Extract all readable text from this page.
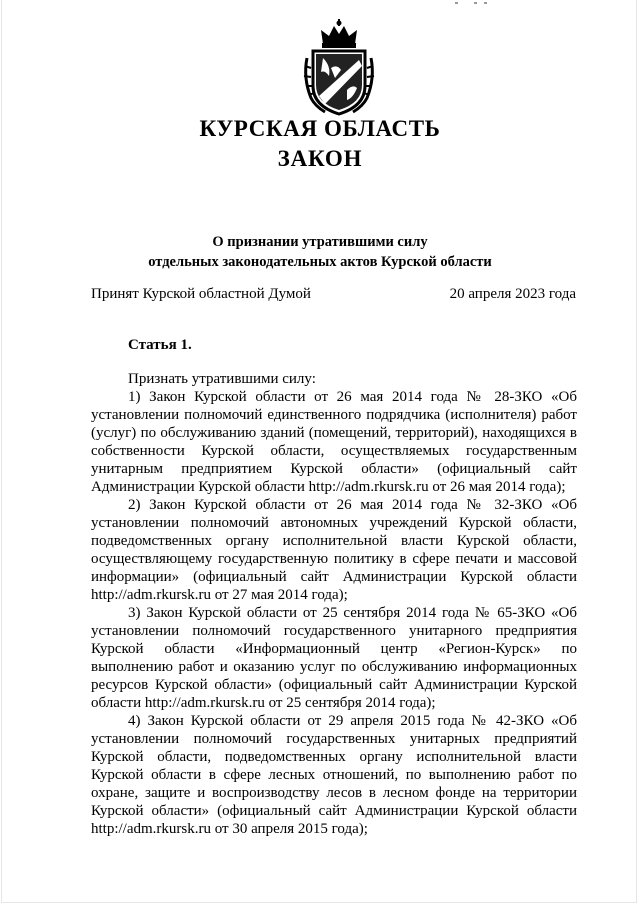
КУРСКАЯ ОБЛАСТЬ
ЗАКОН
О признании утратившими силу
отдельных законодательных актов Курской области
Принят Курской областной Думой	20 апреля 2023 года
Статья 1.

Признать утратившими силу:

1) Закон Курской области от 26 мая 2014 года № 28-ЗКО «Об установлении полномочий единственного подрядчика (исполнителя) работ (услуг) по обслуживанию зданий (помещений, территорий), находящихся в собственности Курской области, осуществляемых государственным унитарным предприятием Курской области» (официальный сайт Администрации Курской области http://adm.rkursk.ru от 26 мая 2014 года);

2) Закон Курской области от 26 мая 2014 года № 32-ЗКО «Об установлении полномочий автономных учреждений Курской области, подведомственных органу исполнительной власти Курской области, осуществляющему государственную политику в сфере печати и массовой информации» (официальный сайт Администрации Курской области http://adm.rkursk.ru от 27 мая 2014 года);

3) Закон Курской области от 25 сентября 2014 года № 65-ЗКО «Об установлении полномочий государственного унитарного предприятия Курской области «Информационный центр «Регион-Курск» по выполнению работ и оказанию услуг по обслуживанию информационных ресурсов Курской области» (официальный сайт Администрации Курской области http://adm.rkursk.ru от 25 сентября 2014 года);

4) Закон Курской области от 29 апреля 2015 года № 42-ЗКО «Об установлении полномочий государственных унитарных предприятий Курской области, подведомственных органу исполнительной власти Курской области в сфере лесных отношений, по выполнению работ по охране, защите и воспроизводству лесов в лесном фонде на территории Курской области» (официальный сайт Администрации Курской области http://adm.rkursk.ru от 30 апреля 2015 года);
